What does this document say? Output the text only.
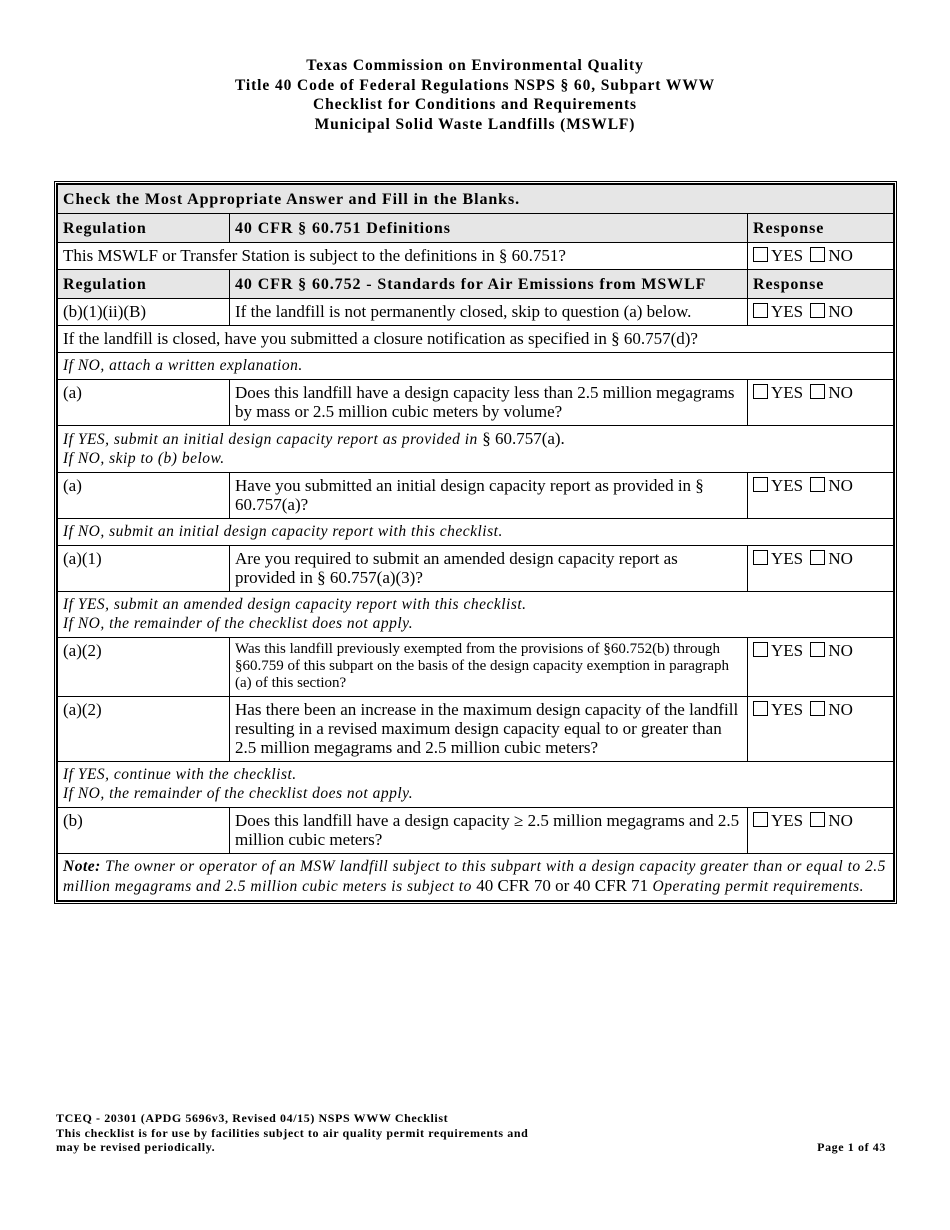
Texas Commission on Environmental Quality
Title 40 Code of Federal Regulations NSPS § 60, Subpart WWW
Checklist for Conditions and Requirements
Municipal Solid Waste Landfills (MSWLF)
Check the Most Appropriate Answer and Fill in the Blanks.		
Regulation	40 CFR § 60.751 Definitions	Response
This MSWLF or Transfer Station is subject to the definitions in § 60.751?		YES NO
Regulation	40 CFR § 60.752 - Standards for Air Emissions from MSWLF	Response
(b)(1)(ii)(B)	If the landfill is not permanently closed, skip to question (a) below.	YES NO
If the landfill is closed, have you submitted a closure notification as specified in § 60.757(d)?		
If NO, attach a written explanation.		
(a)	Does this landfill have a design capacity less than 2.5 million megagrams by mass or 2.5 million cubic meters by volume?	YES NO
If YES, submit an initial design capacity report as provided in § 60.757(a).
If NO, skip to (b) below.		
(a)	Have you submitted an initial design capacity report as provided in § 60.757(a)?	YES NO
If NO, submit an initial design capacity report with this checklist.		
(a)(1)	Are you required to submit an amended design capacity report as provided in § 60.757(a)(3)?	YES NO
If YES, submit an amended design capacity report with this checklist.
If NO, the remainder of the checklist does not apply.		
(a)(2)	Was this landfill previously exempted from the provisions of §60.752(b) through §60.759 of this subpart on the basis of the design capacity exemption in paragraph (a) of this section?	YES NO
(a)(2)	Has there been an increase in the maximum design capacity of the landfill resulting in a revised maximum design capacity equal to or greater than 2.5 million megagrams and 2.5 million cubic meters?	YES NO
If YES, continue with the checklist.
If NO, the remainder of the checklist does not apply.		
(b)	Does this landfill have a design capacity ≥ 2.5 million megagrams and 2.5 million cubic meters?	YES NO
Note: The owner or operator of an MSW landfill subject to this subpart with a design capacity greater than or equal to 2.5 million megagrams and 2.5 million cubic meters is subject to 40 CFR 70 or 40 CFR 71 Operating permit requirements.		
TCEQ - 20301 (APDG 5696v3, Revised 04/15) NSPS WWW Checklist
This checklist is for use by facilities subject to air quality permit requirements and
may be revised periodically.	Page 1 of 43
